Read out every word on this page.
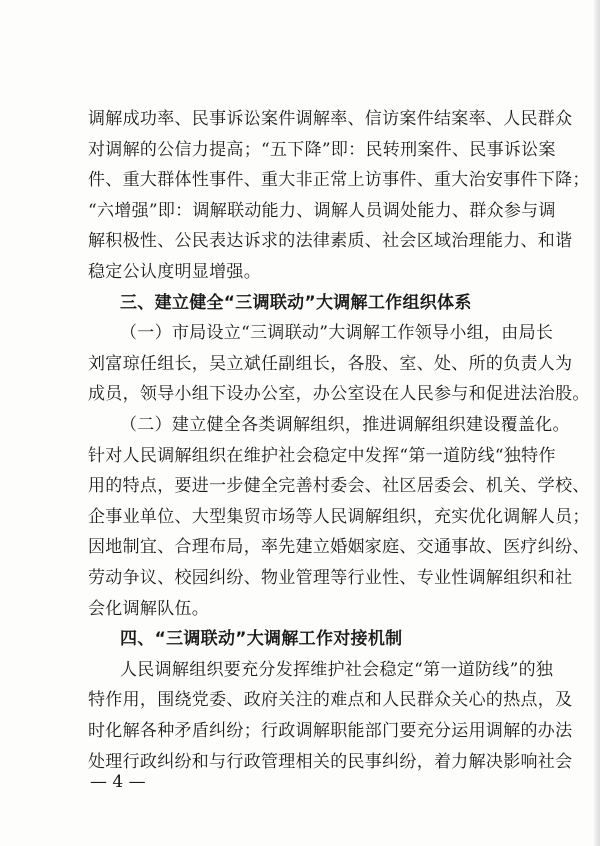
调解成功率、民事诉讼案件调解率、信访案件结案率、人民群众
对调解的公信力提高；“五下降”即：民转刑案件、民事诉讼案
件、重大群体性事件、重大非正常上访事件、重大治安事件下降；
“六增强”即：调解联动能力、调解人员调处能力、群众参与调
解积极性、公民表达诉求的法律素质、社会区域治理能力、和谐
稳定公认度明显增强。
三、建立健全“三调联动”大调解工作组织体系
（一）市局设立“三调联动”大调解工作领导小组，由局长
刘富琼任组长，吴立斌任副组长，各股、室、处、所的负责人为
成员，领导小组下设办公室，办公室设在人民参与和促进法治股。
（二）建立健全各类调解组织，推进调解组织建设覆盖化。
针对人民调解组织在维护社会稳定中发挥“第一道防线“独特作
用的特点，要进一步健全完善村委会、社区居委会、机关、学校、
企事业单位、大型集贸市场等人民调解组织，充实优化调解人员；
因地制宜、合理布局，率先建立婚姻家庭、交通事故、医疗纠纷、
劳动争议、校园纠纷、物业管理等行业性、专业性调解组织和社
会化调解队伍。
四、“三调联动”大调解工作对接机制
人民调解组织要充分发挥维护社会稳定“第一道防线”的独
特作用，围绕党委、政府关注的难点和人民群众关心的热点，及
时化解各种矛盾纠纷；行政调解职能部门要充分运用调解的办法
处理行政纠纷和与行政管理相关的民事纠纷，着力解决影响社会
— 4 —
